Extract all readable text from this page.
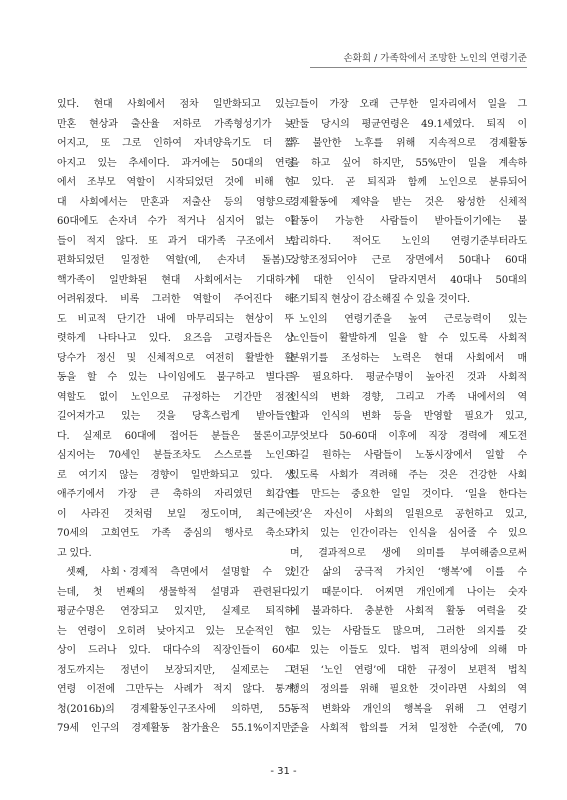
손화희 / 가족학에서 조망한 노인의 연령기준
있다. 현대 사회에서 점차 일반화되고 있는
만혼 현상과 출산율 저하로 가족형성기가 늦
어지고, 또 그로 인하여 자녀양육기도 더 짧
아지고 있는 추세이다. 과거에는 50대의 연령
에서 조부모 역할이 시작되었던 것에 비해 현
대 사회에서는 만혼과 저출산 등의 영향으로
60대에도 손자녀 수가 적거나 심지어 없는 이
들이 적지 않다. 또 과거 대가족 구조에서 보
편화되었던 일정한 역할(예, 손자녀 돌봄)도
핵가족이 일반화된 현대 사회에서는 기대하기
어려워졌다. 비록 그러한 역할이 주어진다 해
도 비교적 단기간 내에 마무리되는 현상이 뚜
렷하게 나타나고 있다. 요즈음 고령자들은 상
당수가 정신 및 신체적으로 여전히 활발한 활
동을 할 수 있는 나이임에도 불구하고 별다른
역할도 없이 노인으로 규정하는 기간만 점점
길어져가고 있는 것을 당혹스럽게 받아들인
다. 실제로 60대에 접어든 분들은 물론이고,
심지어는 70세인 분들조차도 스스로를 노인으
로 여기지 않는 경향이 일반화되고 있다. 생
애주기에서 가장 큰 축하의 자리였던 회갑연
이 사라진 것처럼 보일 정도이며, 최근에는
70세의 고희연도 가족 중심의 행사로 축소되
고 있다.
셋째, 사회ㆍ경제적 측면에서 설명할 수 있
는데, 첫 번째의 생물학적 설명과 관련된다.
평균수명은 연장되고 있지만, 실제로 퇴직하
는 연령이 오히려 낮아지고 있는 모순적인 현
상이 드러나 있다. 대다수의 직장인들이 60세
정도까지는 정년이 보장되지만, 실제로는 그
연령 이전에 그만두는 사례가 적지 않다. 통계
청(2016b)의 경제활동인구조사에 의하면, 55-
79세 인구의 경제활동 참가율은 55.1%이지만,
그들이 가장 오래 근무한 일자리에서 일을 그
만둘 당시의 평균연령은 49.1세였다. 퇴직 이
후 불안한 노후를 위해 지속적으로 경제활동
을 하고 싶어 하지만, 55%만이 일을 계속하
고 있다. 곧 퇴직과 함께 노인으로 분류되어
경제활동에 제약을 받는 것은 왕성한 신체적
활동이 가능한 사람들이 받아들이기에는 불
합리하다. 적어도 노인의 연령기준부터라도
상향조정되어야 근로 장면에서 50대나 60대
에 대한 인식이 달라지면서 40대나 50대의
조기퇴직 현상이 감소해질 수 있을 것이다.
노인의 연령기준을 높여 근로능력이 있는
노인들이 활발하게 일을 할 수 있도록 사회적
분위기를 조성하는 노력은 현대 사회에서 매
우 필요하다. 평균수명이 높아진 것과 사회적
인식의 변화 경향, 그리고 가족 내에서의 역
할과 인식의 변화 등을 반영할 필요가 있고,
무엇보다 50-60대 이후에 직장 경력에 제도전
하길 원하는 사람들이 노동시장에서 일할 수
있도록 사회가 격려해 주는 것은 건강한 사회
를 만드는 중요한 일일 것이다. ‘일을 한다는
것’은 자신이 사회의 일원으로 공헌하고 있고,
가치 있는 인간이라는 인식을 심어줄 수 있으
며, 결과적으로 생에 의미를 부여해줌으로써
인간 삶의 궁극적 가치인 ‘행복’에 이를 수
있기 때문이다. 어찌면 개인에게 나이는 숫자
에 불과하다. 충분한 사회적 활동 여력을 갖
고 있는 사람들도 많으며, 그러한 의지를 갖
고 있는 이들도 있다. 법적 편의상에 의해 마
련된 ‘노인 연령’에 대한 규정이 보편적 법칙
행의 정의를 위해 필요한 것이라면 사회의 역
동적 변화와 개인의 행복을 위해 그 연령기
준을 사회적 합의를 거쳐 일정한 수준(예, 70
- 31 -
